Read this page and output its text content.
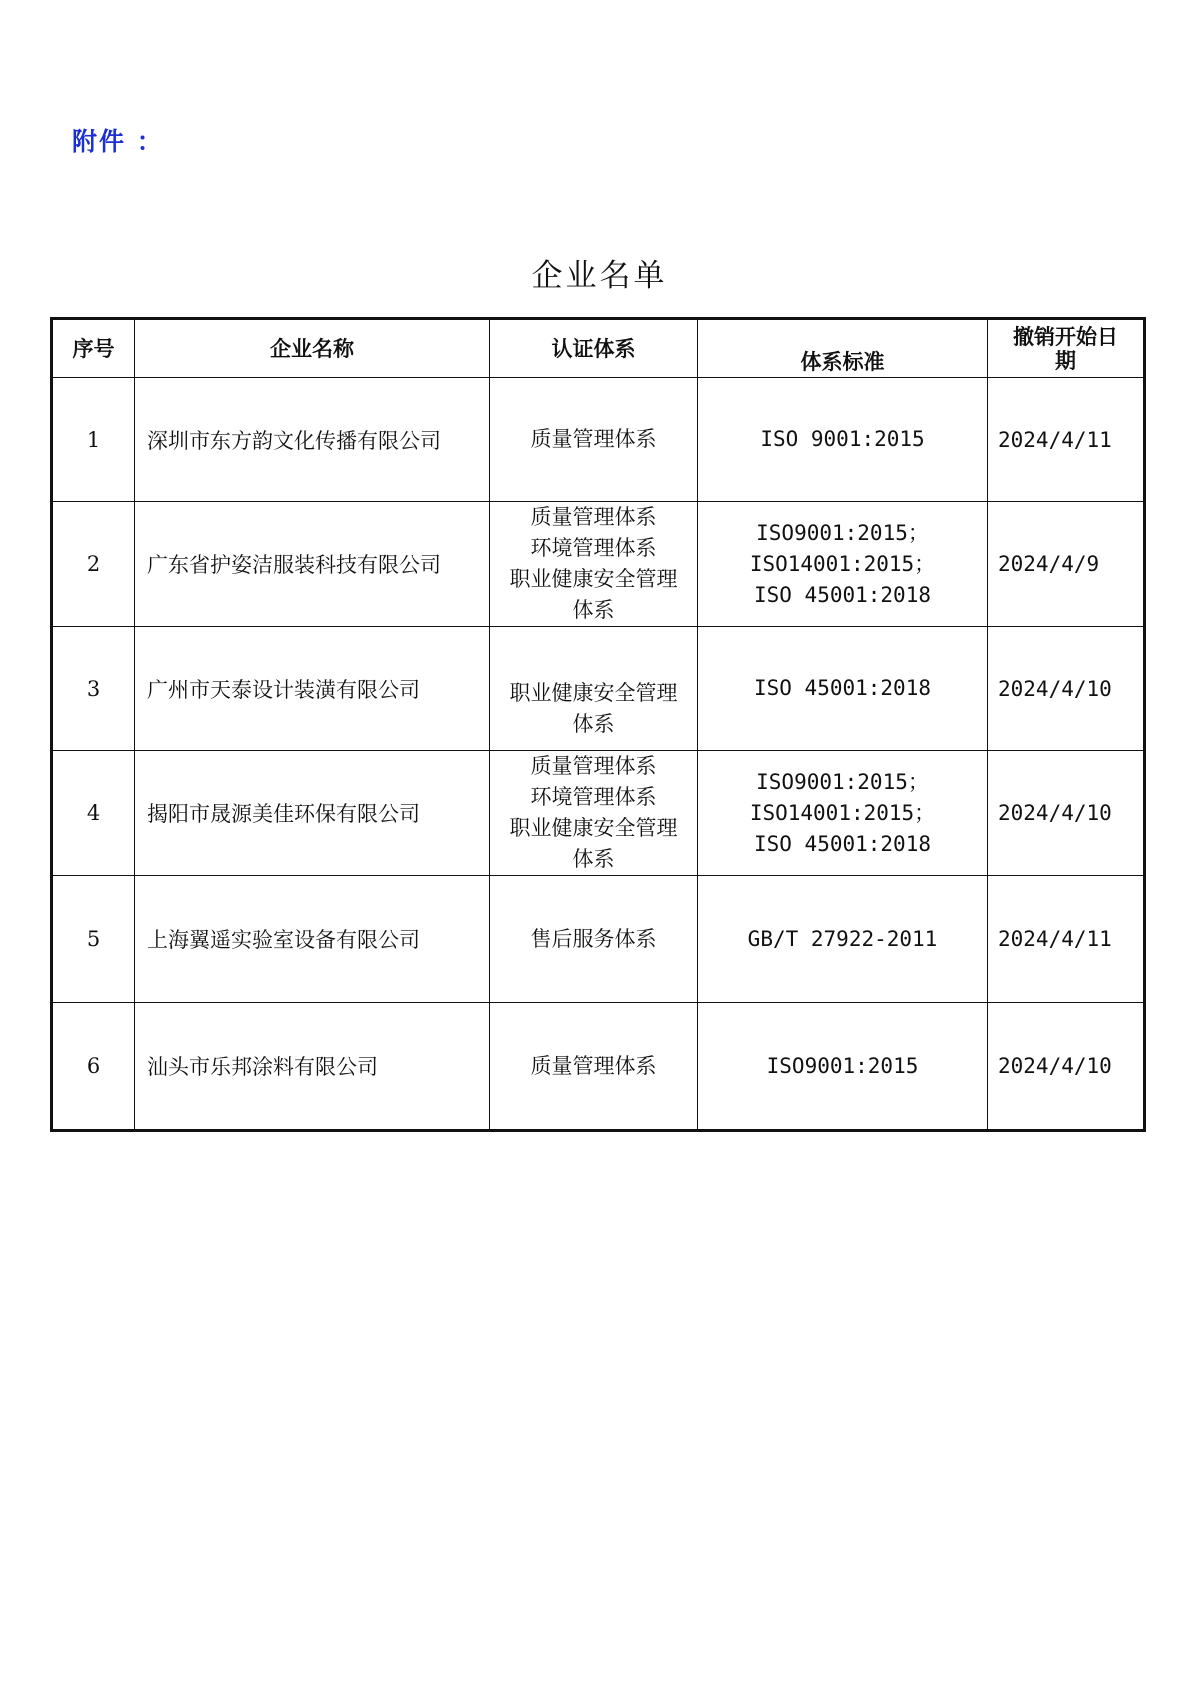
附件 ：
企业名单
序号	企业名称	认证体系	体系标准	撤销开始日
期

1	深圳市东方韵文化传播有限公司	质量管理体系	ISO 9001:2015	2024/4/11
2	广东省护姿洁服装科技有限公司	质量管理体系
环境管理体系
职业健康安全管理
体系	ISO9001:2015；
ISO14001:2015；
ISO 45001:2018	2024/4/9
3	广州市天泰设计装潢有限公司	职业健康安全管理
体系	ISO 45001:2018	2024/4/10
4	揭阳市晟源美佳环保有限公司	质量管理体系
环境管理体系
职业健康安全管理
体系	ISO9001:2015；
ISO14001:2015；
ISO 45001:2018	2024/4/10
5	上海翼遥实验室设备有限公司	售后服务体系	GB/T 27922-2011	2024/4/11
6	汕头市乐邦涂料有限公司	质量管理体系	ISO9001:2015	2024/4/10
